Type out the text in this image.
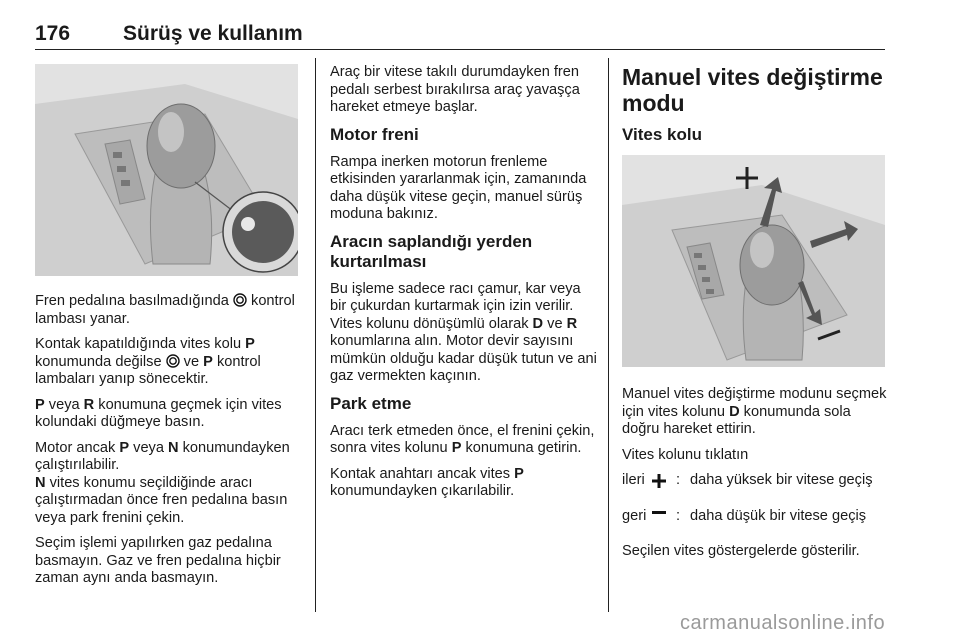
176	Sürüş ve kullanım

Fren pedalına basılmadığında  kontrol lambası yanar.

Kontak kapatıldığında vites kolu P konumunda değilse  ve P kontrol lambaları yanıp sönecektir.

P veya R konumuna geçmek için vites kolundaki düğmeye basın.

Motor ancak P veya N konumundayken çalıştırılabilir.

N vites konumu seçildiğinde aracı çalıştırmadan önce fren pedalına basın veya park frenini çekin.

Seçim işlemi yapılırken gaz pedalına basmayın. Gaz ve fren pedalına hiçbir zaman aynı anda basmayın.

Araç bir vitese takılı durumdayken fren pedalı serbest bırakılırsa araç yavaşça hareket etmeye başlar.

Motor freni

Rampa inerken motorun frenleme etkisinden yararlanmak için, zamanında daha düşük vitese geçin, manuel sürüş moduna bakınız.

Aracın saplandığı yerden kurtarılması

Bu işleme sadece racı çamur, kar veya bir çukurdan kurtarmak için izin verilir. Vites kolunu dönüşümlü olarak D ve R konumlarına alın. Motor devir sayısını mümkün olduğu kadar düşük tutun ve ani gaz vermekten kaçının.

Park etme

Aracı terk etmeden önce, el frenini çekin, sonra vites kolunu P konumuna getirin.

Kontak anahtarı ancak vites P konumundayken çıkarılabilir.

Manuel vites değiştirme modu
Vites kolu

Manuel vites değiştirme modunu seçmek için vites kolunu D konumunda sola doğru hareket ettirin.

Vites kolunu tıklatın

ileri	: daha yüksek bir vitese geçiş
geri	: daha düşük bir vitese geçiş

Seçilen vites göstergelerde gösterilir.

carmanualsonline.info
